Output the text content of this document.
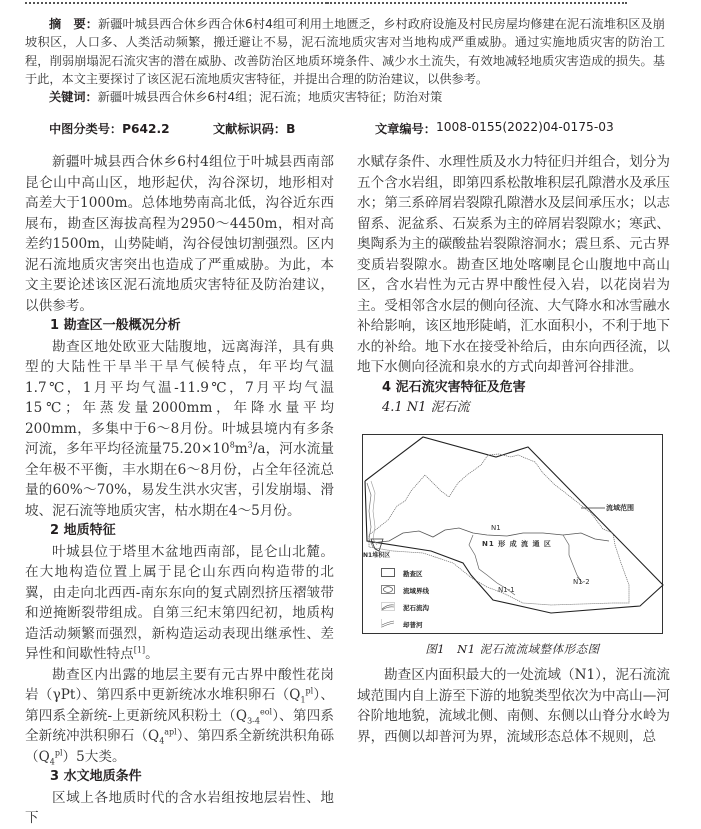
摘　要：新疆叶城县西合休乡西合休6村4组可利用土地匮乏，乡村政府设施及村民房屋均修建在泥石流堆积区及崩坡积区，人口多、人类活动频繁，搬迁避让不易，泥石流地质灾害对当地构成严重威胁。通过实施地质灾害的防治工程，削弱崩塌泥石流灾害的潜在威胁、改善防治区地质环境条件、减少水土流失，有效地减轻地质灾害造成的损失。基于此，本文主要探讨了该区泥石流地质灾害特征，并提出合理的防治建议，以供参考。

关键词：新疆叶城县西合休乡6村4组；泥石流；地质灾害特征；防治对策

中图分类号：P642.2	文献标识码：B	文章编号： 1008-0155(2022)04-0175-03

新疆叶城县西合休乡6村4组位于叶城县西南部昆仑山中高山区，地形起伏，沟谷深切，地形相对高差大于1000m。总体地势南高北低，沟谷近东西展布，勘查区海拔高程为2950～4450m，相对高差约1500m，山势陡峭，沟谷侵蚀切割强烈。区内泥石流地质灾害突出也造成了严重威胁。为此，本文主要论述该区泥石流地质灾害特征及防治建议，以供参考。

1 勘查区一般概况分析

勘查区地处欧亚大陆腹地，远离海洋，具有典型的大陆性干旱半干旱气候特点，年平均气温1.7℃，1月平均气温-11.9℃，7月平均气温15℃；年蒸发量2000mm，年降水量平均200mm，多集中于6～8月份。叶城县境内有多条河流，多年平均径流量$75.20\times 10^8m^3/a$，河水流量全年极不平衡，丰水期在6～8月份，占全年径流总量的60%～70%，易发生洪水灾害，引发崩塌、滑坡、泥石流等地质灾害，枯水期在4～5月份。

2 地质特征

叶城县位于塔里木盆地西南部，昆仑山北麓。在大地构造位置上属于昆仑山东西向构造带的北翼，由走向北西西-南东东向的复式剧烈挤压褶皱带和逆掩断裂带组成。自第三纪末第四纪初，地质构造活动频繁而强烈，新构造运动表现出继承性、差异性和间歇性特点[1]。

勘查区内出露的地层主要有元古界中酸性花岗岩（γPt）、第四系中更新统冰水堆积卵石$(Q_1^{pl})$、第四系全新统-上更新统风积粉土$(Q_{3-4}^{eol})$、第四系全新统冲洪积卵石$(Q_4^{apl})$、第四系全新统洪积角砾$(Q_4^{pl})5$大类。

3 水文地质条件

区域上各地质时代的含水岩组按地层岩性、地下

水赋存条件、水理性质及水力特征归并组合，划分为五个含水岩组，即第四系松散堆积层孔隙潜水及承压水；第三系碎屑岩裂隙孔隙潜水及层间承压水；以志留系、泥盆系、石炭系为主的碎屑岩裂隙水；寒武、奥陶系为主的碳酸盐岩裂隙溶洞水；震旦系、元古界变质岩裂隙水。勘查区地处喀喇昆仑山腹地中高山区，含水岩性为元古界中酸性侵入岩，以花岗岩为主。受相邻含水层的侧向径流、大气降水和冰雪融水补给影响，该区地形陡峭，汇水面积小，不利于地下水的补给。地下水在接受补给后，由东向西径流，以地下水侧向径流和泉水的方式向却普河谷排泄。

4 泥石流灾害特征及危害

4.1 N1 泥石流

流域范围
N1
N1 形 成 流 通 区
N1堆积区
N1-1
N1-2
勘查区
流域界线
泥石流沟
却普河
图1　N1 泥石流流域整体形态图

勘查区内面积最大的一处流域（N1），泥石流流域范围内自上游至下游的地貌类型依次为中高山—河谷阶地地貌，流域北侧、南侧、东侧以山脊分水岭为界，西侧以却普河为界，流域形态总体不规则，总
